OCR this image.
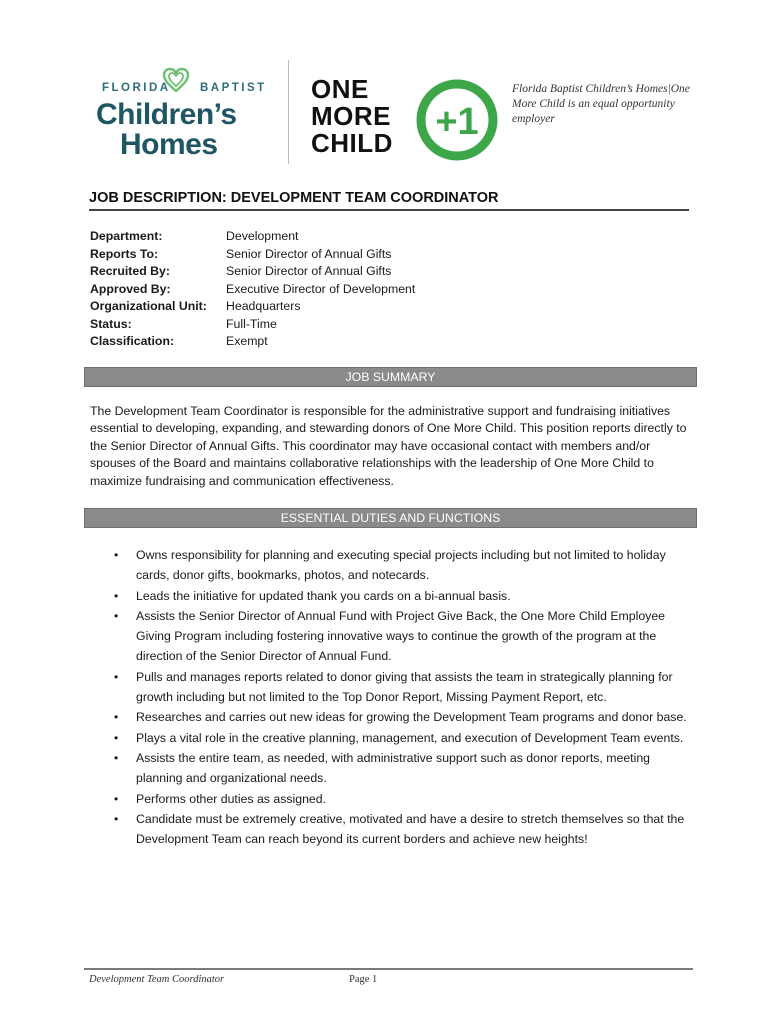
FLORIDA	BAPTIST
Children’s
Homes
ONE
MORE
CHILD +1
Florida Baptist Children’s Homes|One More Child is an equal opportunity employer
JOB DESCRIPTION: DEVELOPMENT TEAM COORDINATOR
Department:	Development
Reports To:	Senior Director of Annual Gifts
Recruited By:	Senior Director of Annual Gifts
Approved By:	Executive Director of Development
Organizational Unit:	Headquarters
Status:	Full-Time
Classification:	Exempt
JOB SUMMARY
The Development Team Coordinator is responsible for the administrative support and fundraising initiatives essential to developing, expanding, and stewarding donors of One More Child. This position reports directly to the Senior Director of Annual Gifts. This coordinator may have occasional contact with members and/or spouses of the Board and maintains collaborative relationships with the leadership of One More Child to maximize fundraising and communication effectiveness.
ESSENTIAL DUTIES AND FUNCTIONS
• Owns responsibility for planning and executing special projects including but not limited to holiday cards, donor gifts, bookmarks, photos, and notecards.
• Leads the initiative for updated thank you cards on a bi-annual basis.
• Assists the Senior Director of Annual Fund with Project Give Back, the One More Child Employee Giving Program including fostering innovative ways to continue the growth of the program at the direction of the Senior Director of Annual Fund.
• Pulls and manages reports related to donor giving that assists the team in strategically planning for growth including but not limited to the Top Donor Report, Missing Payment Report, etc.
• Researches and carries out new ideas for growing the Development Team programs and donor base.
• Plays a vital role in the creative planning, management, and execution of Development Team events.
• Assists the entire team, as needed, with administrative support such as donor reports, meeting planning and organizational needs.
• Performs other duties as assigned.
• Candidate must be extremely creative, motivated and have a desire to stretch themselves so that the Development Team can reach beyond its current borders and achieve new heights!
Development Team Coordinator	Page 1
